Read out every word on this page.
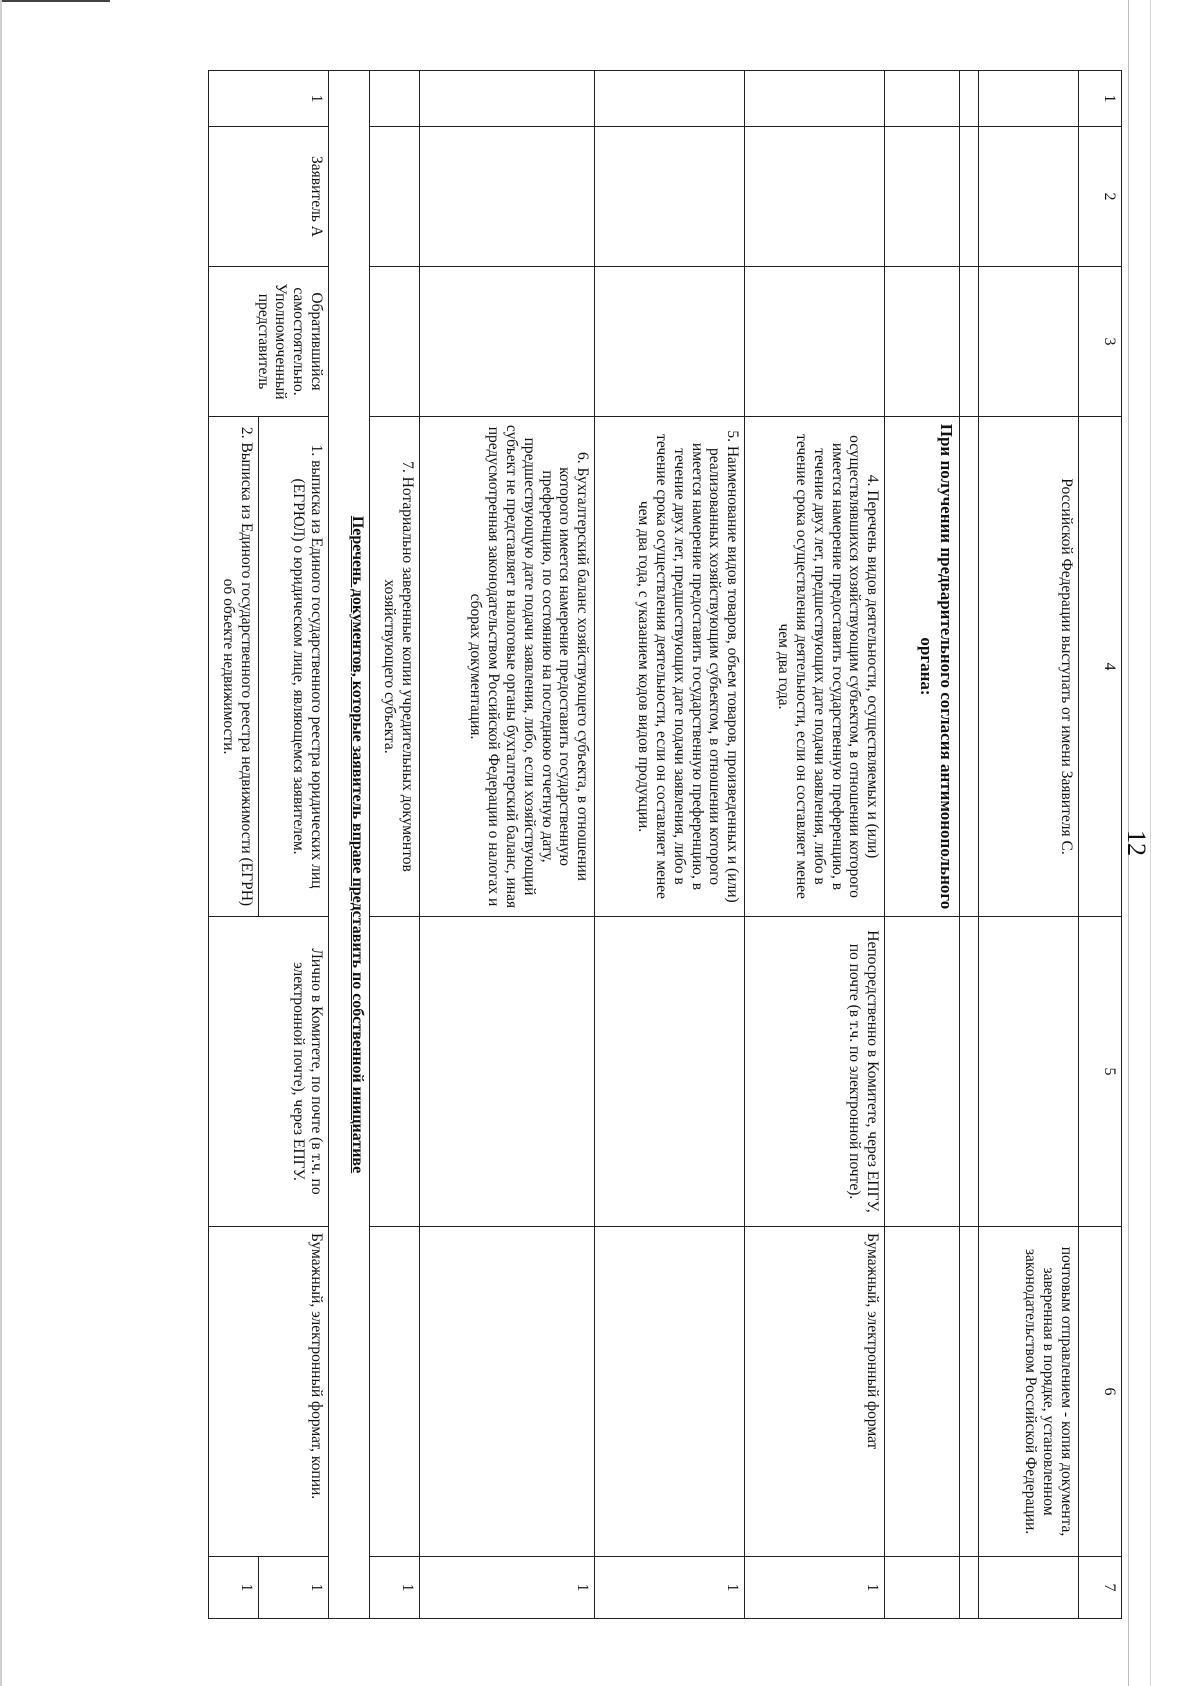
12
1	2	3	4	5	6	7
			Российской Федерации выступать от имени Заявителя С.		почтовым отправлением - копия документа, заверенная в порядке, установленном законодательством Российской Федерации.	

			При получении предварительного согласия антимонопольного органа:			

			4. Перечень видов деятельности, осуществляемых и (или) осуществлявшихся хозяйствующим субъектом, в отношении которого имеется намерение предоставить государственную преференцию, в течение двух лет, предшествующих дате подачи заявления, либо в течение срока осуществления деятельности, если он составляет менее чем два года.	Непосредственно в Комитете, через ЕПГУ, по почте (в т.ч. по электронной почте).	Бумажный, электронный формат	1
			5. Наименование видов товаров, объем товаров, произведенных и (или) реализованных хозяйствующим субъектом, в отношении которого имеется намерение предоставить государственную преференцию, в течение двух лет, предшествующих дате подачи заявления, либо в течение срока осуществления деятельности, если он составляет менее чем два года, с указанием кодов видов продукции.			1
			6. Бухгалтерский баланс хозяйствующего субъекта, в отношении которого имеется намерение предоставить государственную преференцию, по состоянию на последнюю отчетную дату, предшествующую дате подачи заявления, либо, если хозяйствующий субъект не представляет в налоговые органы бухгалтерский баланс, иная предусмотренная законодательством Российской Федерации о налогах и сборах документация.			1
			7. Нотариально заверенные копии учредительных документов хозяйствующего субъекта.			1
Перечень документов, которые заявитель вправе представить по собственной инициативе						
1	Заявитель А	Обратившийся самостоятельно. Уполномоченный представитель	1. выписка из Единого государственного реестра юридических лиц (ЕГРЮЛ) о юридическом лице, являющемся заявителем.	Лично в Комитете, по почте (в т.ч. по электронной почте), через ЕПГУ.	Бумажный, электронный формат, копии.	1
			2. Выписка из Единого государственного реестра недвижимости (ЕГРН) об объекте недвижимости.			1
